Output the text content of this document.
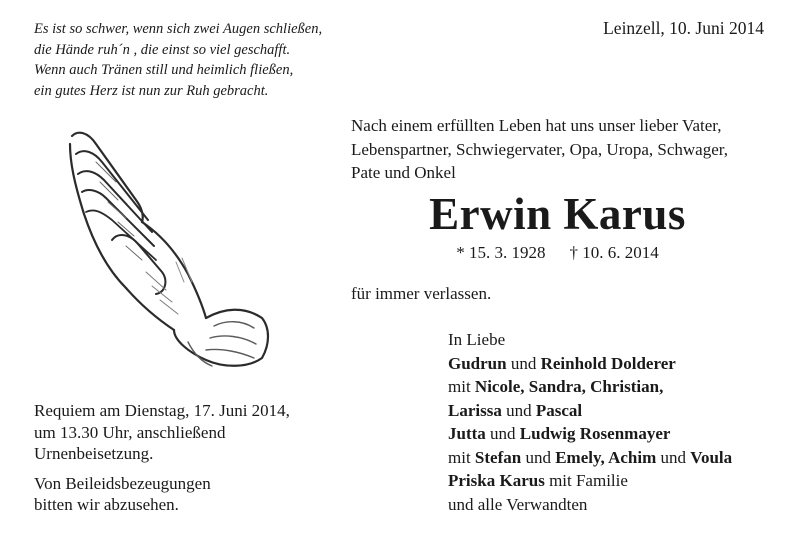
Es ist so schwer, wenn sich zwei Augen schließen,
die Hände ruh´n , die einst so viel geschafft.
Wenn auch Tränen still und heimlich fließen,
ein gutes Herz ist nun zur Ruh gebracht.
Leinzell, 10. Juni 2014
Nach einem erfüllten Leben hat uns unser lieber Vater,
Lebenspartner, Schwiegervater, Opa, Uropa, Schwager,
Pate und Onkel
Erwin Karus
* 15. 3. 1928 † 10. 6. 2014
für immer verlassen.
Requiem am Dienstag, 17. Juni 2014,
um 13.30 Uhr, anschließend
Urnenbeisetzung.
Von Beileidsbezeugungen
bitten wir abzusehen.
In Liebe
Gudrun und Reinhold Dolderer
mit Nicole, Sandra, Christian,
Larissa und Pascal
Jutta und Ludwig Rosenmayer
mit Stefan und Emely, Achim und Voula
Priska Karus mit Familie
und alle Verwandten
